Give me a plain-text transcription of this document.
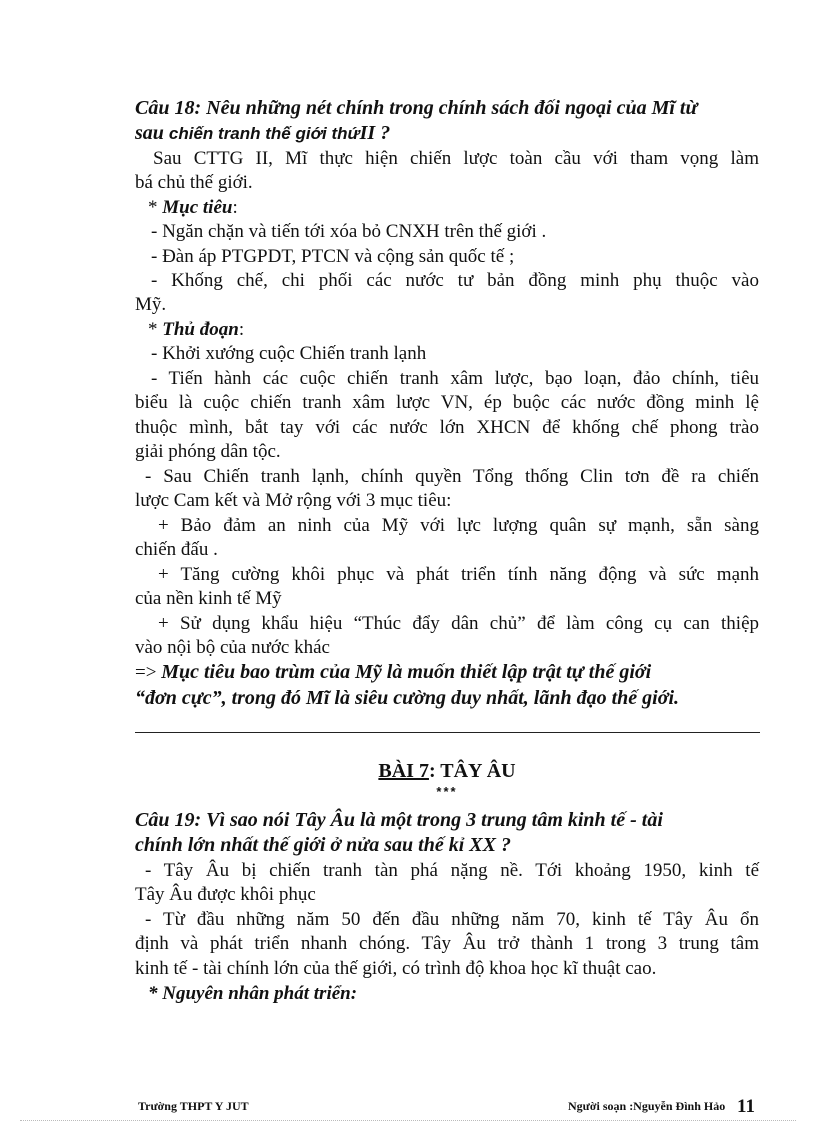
Câu 18: Nêu những nét chính trong chính sách đối ngoại của Mĩ từ
sau chiến tranh thế giới thứII ?
Sau CTTG II, Mĩ thực hiện chiến lược toàn cầu với tham vọng làm
bá chủ thế giới.
* Mục tiêu:
- Ngăn chặn và tiến tới xóa bỏ CNXH trên thế giới .
- Đàn áp PTGPDT, PTCN và cộng sản quốc tế ;
- Khống chế, chi phối các nước tư bản đồng minh phụ thuộc vào
Mỹ.
* Thủ đoạn:
- Khởi xướng cuộc Chiến tranh lạnh
- Tiến hành các cuộc chiến tranh xâm lược, bạo loạn, đảo chính, tiêu
biểu là cuộc chiến tranh xâm lược VN, ép buộc các nước đồng minh lệ
thuộc mình, bắt tay với các nước lớn XHCN để khống chế phong trào
giải phóng dân tộc.
- Sau Chiến tranh lạnh, chính quyền Tổng thống Clin tơn đề ra chiến
lược Cam kết và Mở rộng với 3 mục tiêu:
+ Bảo đảm an ninh của Mỹ với lực lượng quân sự mạnh, sẵn sàng
chiến đấu .
+ Tăng cường khôi phục và phát triển tính năng động và sức mạnh
của nền kinh tế Mỹ
+ Sử dụng khẩu hiệu “Thúc đẩy dân chủ” để làm công cụ can thiệp
vào nội bộ của nước khác
=> Mục tiêu bao trùm của Mỹ là muốn thiết lập trật tự thế giới
“đơn cực”, trong đó Mĩ là siêu cường duy nhất, lãnh đạo thế giới.
BÀI 7: TÂY ÂU
***
Câu 19: Vì sao nói Tây Âu là một trong 3 trung tâm kinh tế - tài
chính lớn nhất thế giới ở nửa sau thế kỉ XX ?
- Tây Âu bị chiến tranh tàn phá nặng nề. Tới khoảng 1950, kinh tế
Tây Âu được khôi phục
- Từ đầu những năm 50 đến đầu những năm 70, kinh tế Tây Âu ổn
định và phát triển nhanh chóng. Tây Âu trở thành 1 trong 3 trung tâm
kinh tế - tài chính lớn của thế giới, có trình độ khoa học kĩ thuật cao.
* Nguyên nhân phát triển:
Trường THPT Y JUT	Người soạn :Nguyễn Đình Hảo 11
